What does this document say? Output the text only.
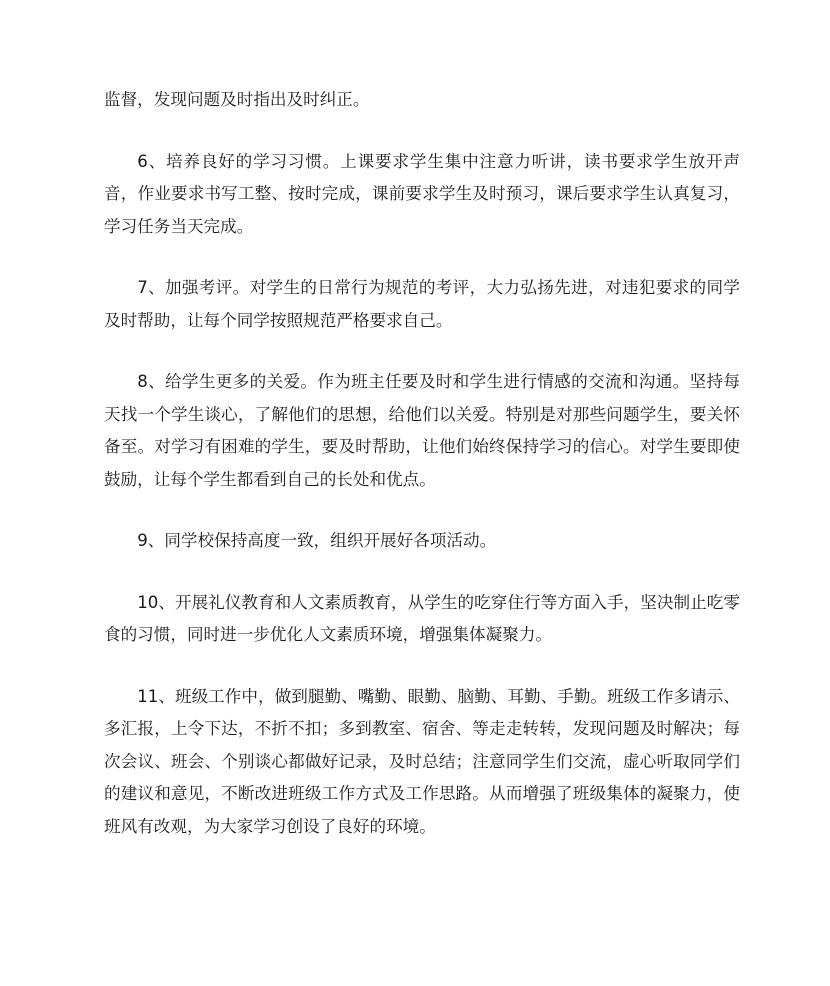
监督，发现问题及时指出及时纠正。

6、培养良好的学习习惯。上课要求学生集中注意力听讲，读书要求学生放开声音，作业要求书写工整、按时完成，课前要求学生及时预习，课后要求学生认真复习，学习任务当天完成。

7、加强考评。对学生的日常行为规范的考评，大力弘扬先进，对违犯要求的同学及时帮助，让每个同学按照规范严格要求自己。

8、给学生更多的关爱。作为班主任要及时和学生进行情感的交流和沟通。坚持每天找一个学生谈心，了解他们的思想，给他们以关爱。特别是对那些问题学生，要关怀备至。对学习有困难的学生，要及时帮助，让他们始终保持学习的信心。对学生要即使鼓励，让每个学生都看到自己的长处和优点。

9、同学校保持高度一致，组织开展好各项活动。

10、开展礼仪教育和人文素质教育，从学生的吃穿住行等方面入手，坚决制止吃零食的习惯，同时进一步优化人文素质环境，增强集体凝聚力。

11、班级工作中，做到腿勤、嘴勤、眼勤、脑勤、耳勤、手勤。班级工作多请示、多汇报，上令下达，不折不扣；多到教室、宿舍、等走走转转，发现问题及时解决；每次会议、班会、个别谈心都做好记录，及时总结；注意同学生们交流，虚心听取同学们的建议和意见，不断改进班级工作方式及工作思路。从而增强了班级集体的凝聚力，使班风有改观，为大家学习创设了良好的环境。
